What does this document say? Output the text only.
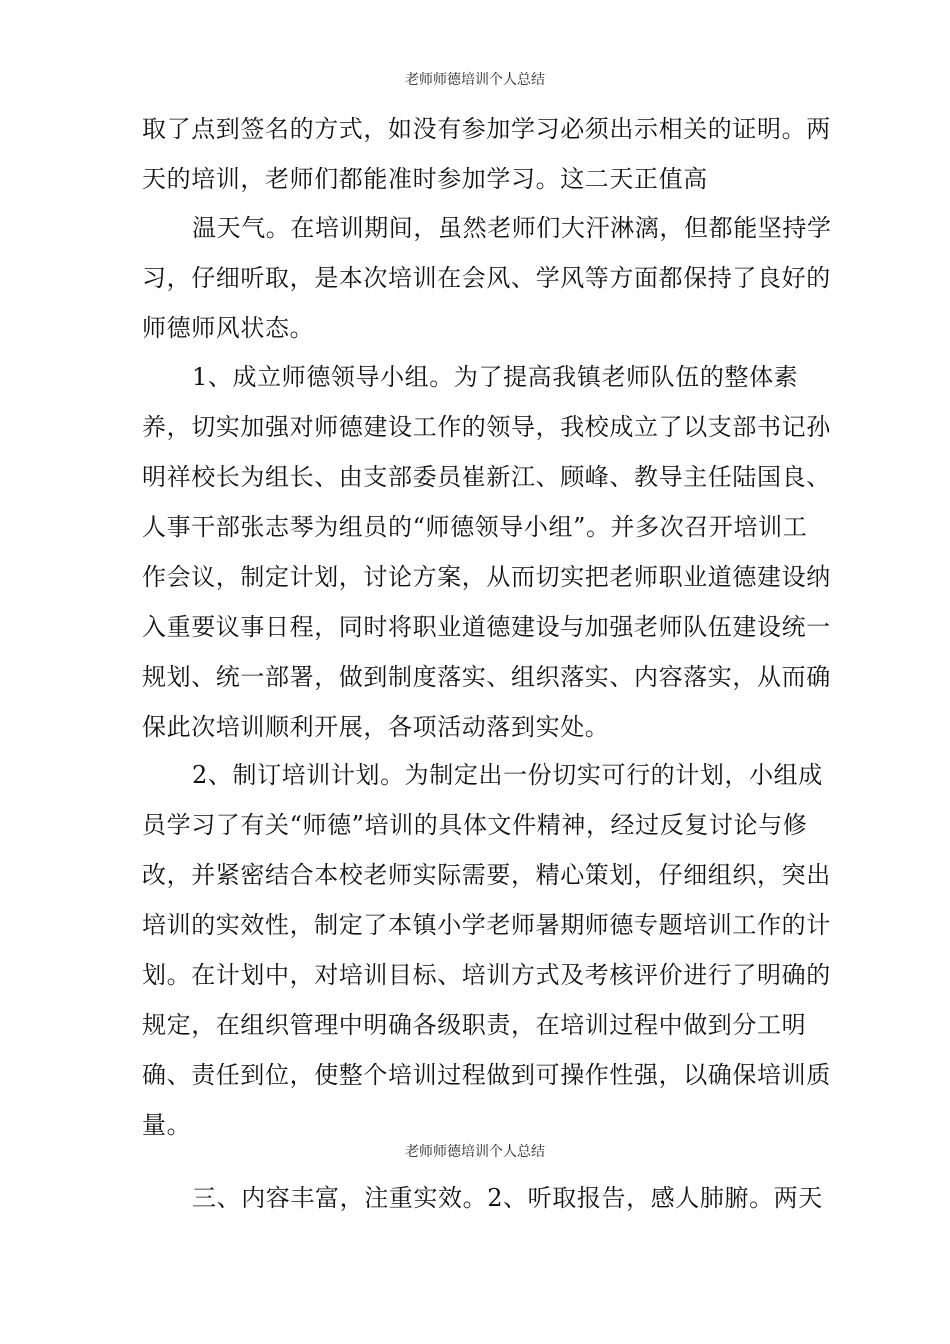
老师师德培训个人总结
取了点到签名的方式，如没有参加学习必须出示相关的证明。两
天的培训，老师们都能准时参加学习。这二天正值高
温天气。在培训期间，虽然老师们大汗淋漓，但都能坚持学
习，仔细听取，是本次培训在会风、学风等方面都保持了良好的
师德师风状态。
1、成立师德领导小组。为了提高我镇老师队伍的整体素
养，切实加强对师德建设工作的领导，我校成立了以支部书记孙
明祥校长为组长、由支部委员崔新江、顾峰、教导主任陆国良、
人事干部张志琴为组员的“师德领导小组”。并多次召开培训工
作会议，制定计划，讨论方案，从而切实把老师职业道德建设纳
入重要议事日程，同时将职业道德建设与加强老师队伍建设统一
规划、统一部署，做到制度落实、组织落实、内容落实，从而确
保此次培训顺利开展，各项活动落到实处。
2、制订培训计划。为制定出一份切实可行的计划，小组成
员学习了有关“师德”培训的具体文件精神，经过反复讨论与修
改，并紧密结合本校老师实际需要，精心策划，仔细组织，突出
培训的实效性，制定了本镇小学老师暑期师德专题培训工作的计
划。在计划中，对培训目标、培训方式及考核评价进行了明确的
规定，在组织管理中明确各级职责，在培训过程中做到分工明
确、责任到位，使整个培训过程做到可操作性强，以确保培训质
量。
老师师德培训个人总结
三、内容丰富，注重实效。2、听取报告，感人肺腑。两天
